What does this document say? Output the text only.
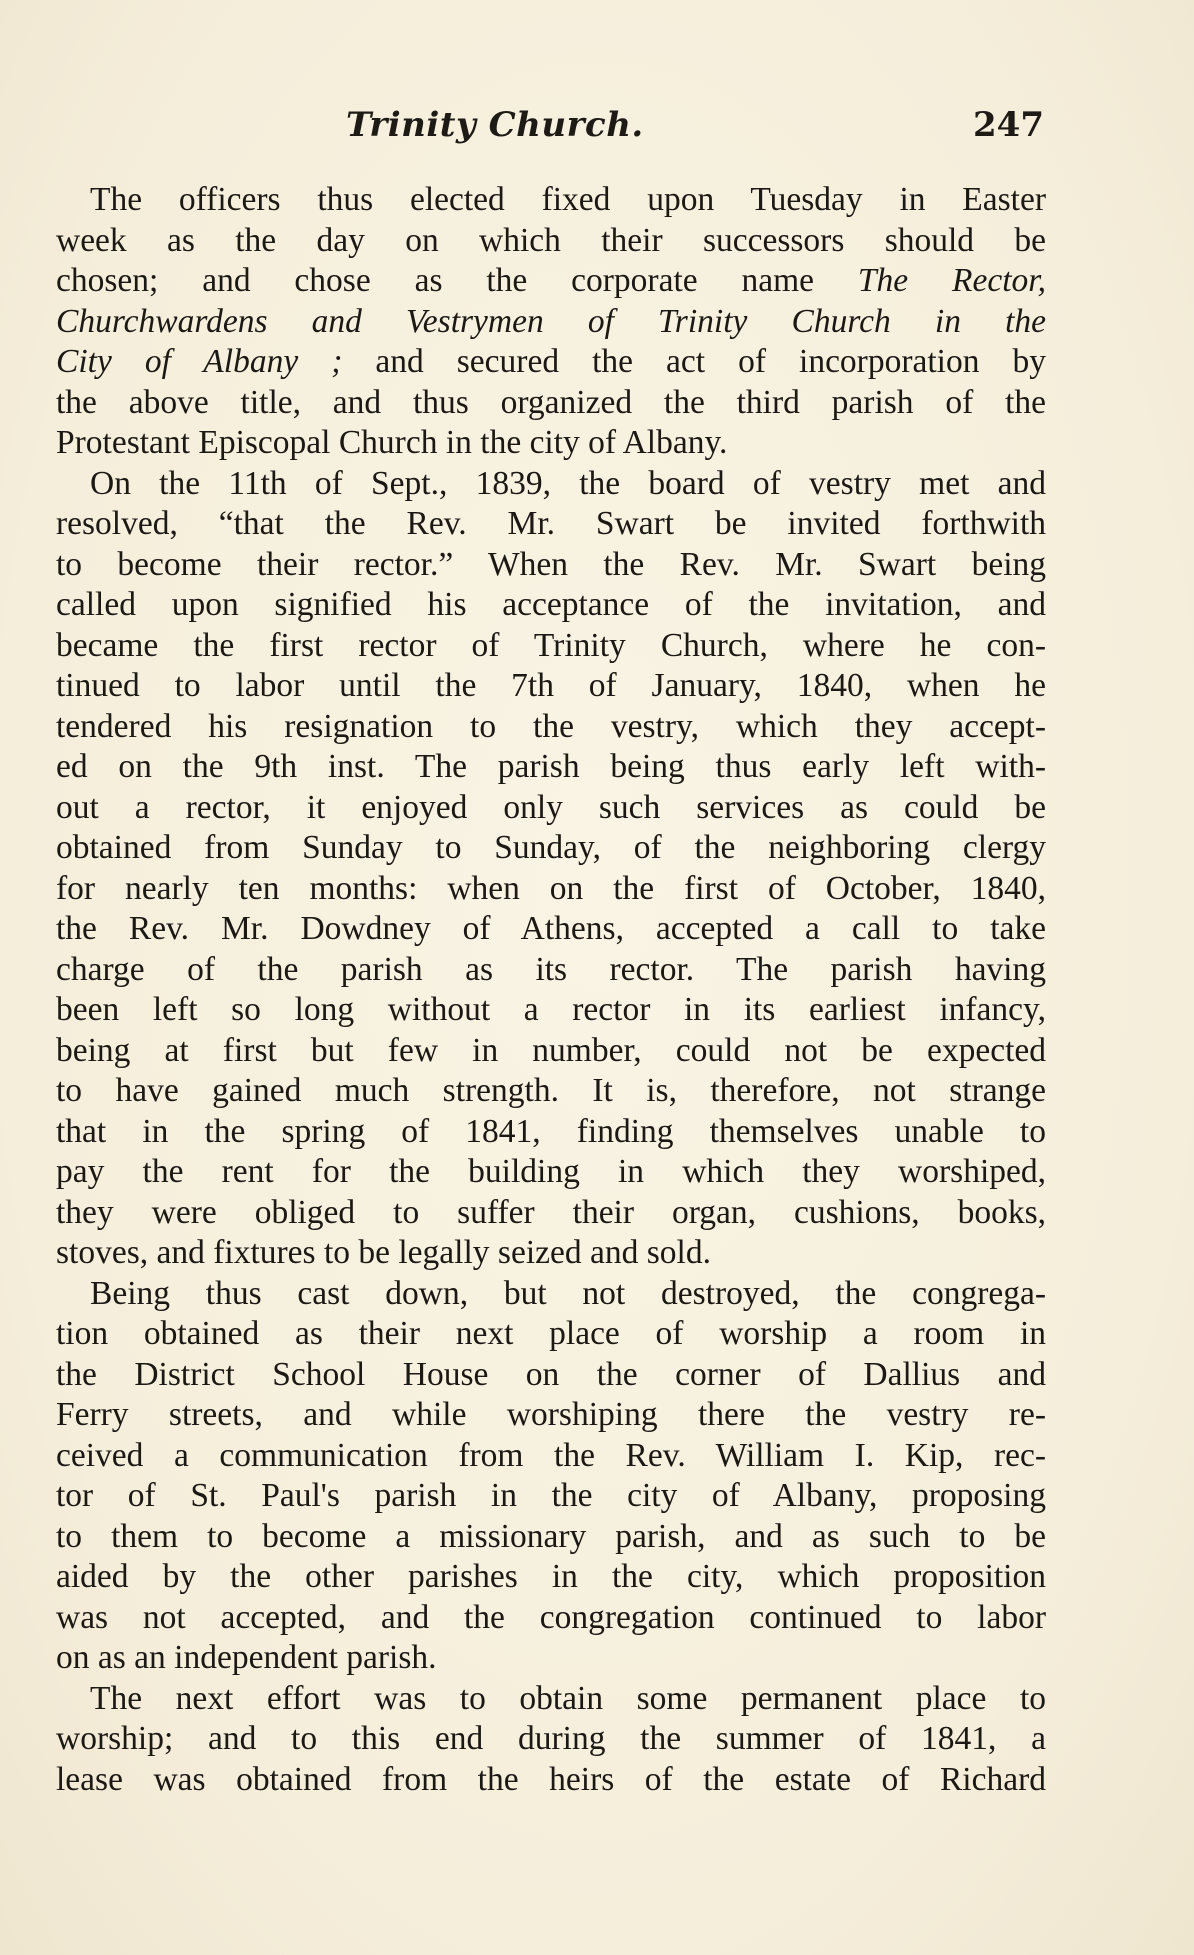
Trinity Church.	247
The officers thus elected fixed upon Tuesday in Easter
week as the day on which their successors should be
chosen; and chose as the corporate name The Rector,
Churchwardens and Vestrymen of Trinity Church in the
City of Albany ; and secured the act of incorporation by
the above title, and thus organized the third parish of the
Protestant Episcopal Church in the city of Albany.
On the 11th of Sept., 1839, the board of vestry met and
resolved, “that the Rev. Mr. Swart be invited forthwith
to become their rector.” When the Rev. Mr. Swart being
called upon signified his acceptance of the invitation, and
became the first rector of Trinity Church, where he con-
tinued to labor until the 7th of January, 1840, when he
tendered his resignation to the vestry, which they accept-
ed on the 9th inst. The parish being thus early left with-
out a rector, it enjoyed only such services as could be
obtained from Sunday to Sunday, of the neighboring clergy
for nearly ten months: when on the first of October, 1840,
the Rev. Mr. Dowdney of Athens, accepted a call to take
charge of the parish as its rector. The parish having
been left so long without a rector in its earliest infancy,
being at first but few in number, could not be expected
to have gained much strength. It is, therefore, not strange
that in the spring of 1841, finding themselves unable to
pay the rent for the building in which they worshiped,
they were obliged to suffer their organ, cushions, books,
stoves, and fixtures to be legally seized and sold.
Being thus cast down, but not destroyed, the congrega-
tion obtained as their next place of worship a room in
the District School House on the corner of Dallius and
Ferry streets, and while worshiping there the vestry re-
ceived a communication from the Rev. William I. Kip, rec-
tor of St. Paul's parish in the city of Albany, proposing
to them to become a missionary parish, and as such to be
aided by the other parishes in the city, which proposition
was not accepted, and the congregation continued to labor
on as an independent parish.
The next effort was to obtain some permanent place to
worship; and to this end during the summer of 1841, a
lease was obtained from the heirs of the estate of Richard
